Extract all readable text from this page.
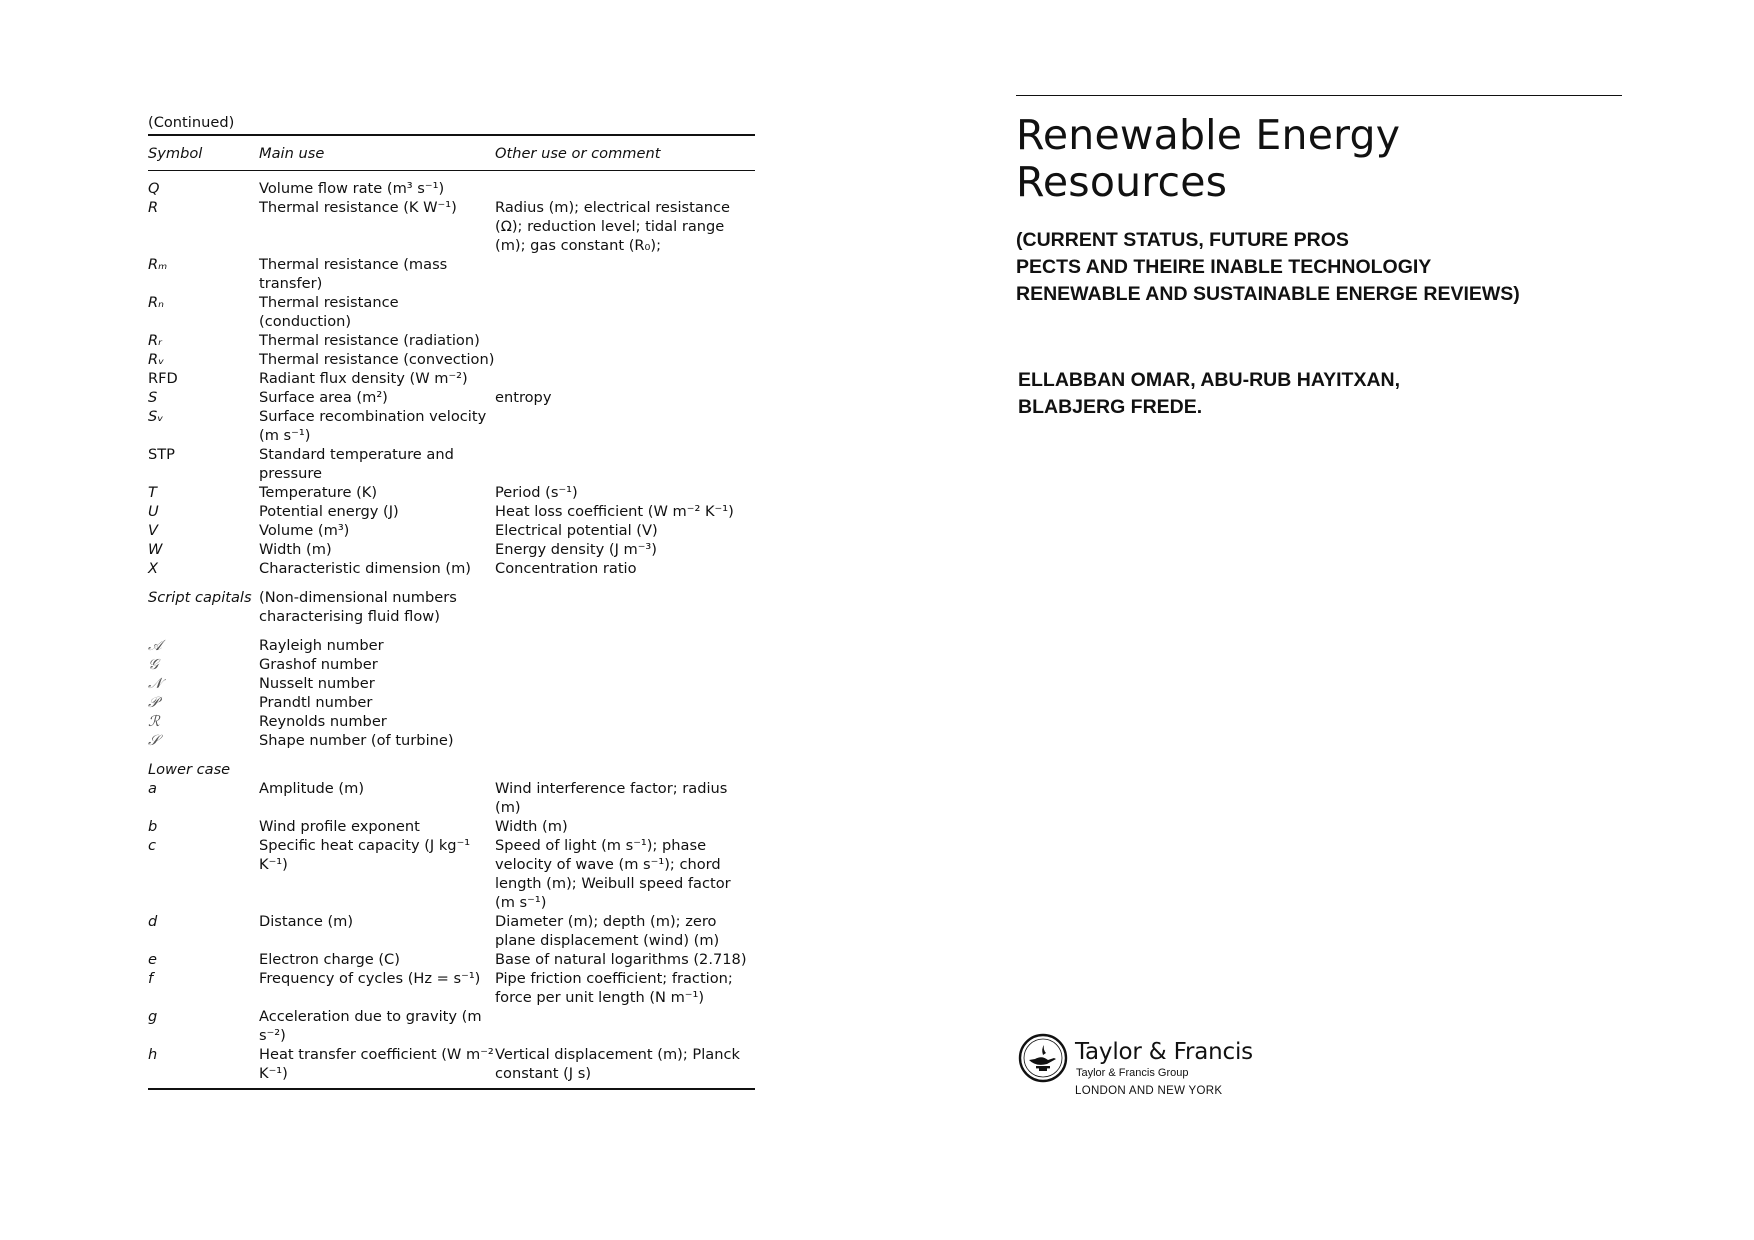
(Continued)
Symbol	Main use	Other use or comment
Q	Volume flow rate (m³ s⁻¹)	
R	Thermal resistance (K W⁻¹)	Radius (m); electrical resistance (Ω); reduction level; tidal range (m); gas constant (R₀);
Rₘ	Thermal resistance (mass transfer)	
Rₙ	Thermal resistance (conduction)	
Rᵣ	Thermal resistance (radiation)	
Rᵥ	Thermal resistance (convection)	
RFD	Radiant flux density (W m⁻²)	
S	Surface area (m²)	entropy
Sᵥ	Surface recombination velocity (m s⁻¹)	
STP	Standard temperature and pressure	
T	Temperature (K)	Period (s⁻¹)
U	Potential energy (J)	Heat loss coefficient (W m⁻² K⁻¹)
V	Volume (m³)	Electrical potential (V)
W	Width (m)	Energy density (J m⁻³)
X	Characteristic dimension (m)	Concentration ratio
Script capitals	(Non-dimensional numbers characterising fluid flow)	
𝒜	Rayleigh number	
𝒢	Grashof number	
𝒩	Nusselt number	
𝒫	Prandtl number	
ℛ	Reynolds number	
𝒮	Shape number (of turbine)	
Lower case		
a	Amplitude (m)	Wind interference factor; radius (m)
b	Wind profile exponent	Width (m)
c	Specific heat capacity (J kg⁻¹ K⁻¹)	Speed of light (m s⁻¹); phase velocity of wave (m s⁻¹); chord length (m); Weibull speed factor (m s⁻¹)
d	Distance (m)	Diameter (m); depth (m); zero plane displacement (wind) (m)
e	Electron charge (C)	Base of natural logarithms (2.718)
f	Frequency of cycles (Hz = s⁻¹)	Pipe friction coefficient; fraction; force per unit length (N m⁻¹)
g	Acceleration due to gravity (m s⁻²)	
h	Heat transfer coefficient (W m⁻² K⁻¹)	Vertical displacement (m); Planck constant (J s)
Renewable Energy
Resources
(CURRENT STATUS, FUTURE PROS
PECTS AND THEIRE INABLE TECHNOLOGIY
RENEWABLE AND SUSTAINABLE ENERGE REVIEWS)
ELLABBAN OMAR, ABU-RUB HAYITXAN,
BLABJERG FREDE.
Taylor & Francis
Taylor & Francis Group
LONDON AND NEW YORK
